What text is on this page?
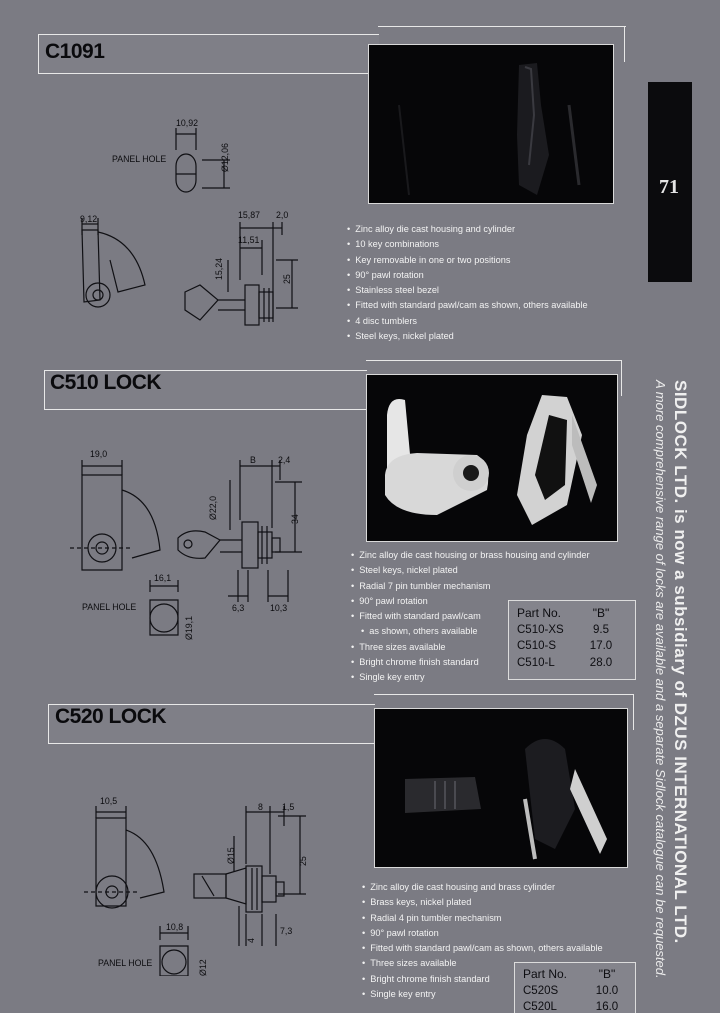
71
SIDLOCK LTD. is now a subsidiary of DZUS INTERNATIONAL LTD.
A more comprehensive range of locks are available and a separate Sidlock catalogue can be requested.
C1091
10,92
PANEL HOLE	Ø12,06
9,12	15,87 2,0
11,51
15,24	25
• Zinc alloy die cast housing and cylinder
• 10 key combinations
• Key removable in one or two positions
• 90° pawl rotation
• Stainless steel bezel
• Fitted with standard pawl/cam as shown, others available
• 4 disc tumblers
• Steel keys, nickel plated
C510 LOCK
19,0
B	2,4
Ø22,0	34
16,1
PANEL HOLE
Ø19,1
6,3	10,3
• Zinc alloy die cast housing or brass housing and cylinder
• Steel keys, nickel plated
• Radial 7 pin tumbler mechanism
• 90° pawl rotation
• Fitted with standard pawl/cam
• as shown, others available
• Three sizes available
• Bright chrome finish standard
• Single key entry
Part No.	"B"
C510-XS	9.5
C510-S	17.0
C510-L	28.0
C520 LOCK
10,5
8 1,5
Ø15	25
10,8
PANEL HOLE	Ø12
4
7,3
• Zinc alloy die cast housing and brass cylinder
• Brass keys, nickel plated
• Radial 4 pin tumbler mechanism
• 90° pawl rotation
• Fitted with standard pawl/cam as shown, others available
• Three sizes available
• Bright chrome finish standard
• Single key entry
Part No.	"B"
C520S	10.0
C520L	16.0
